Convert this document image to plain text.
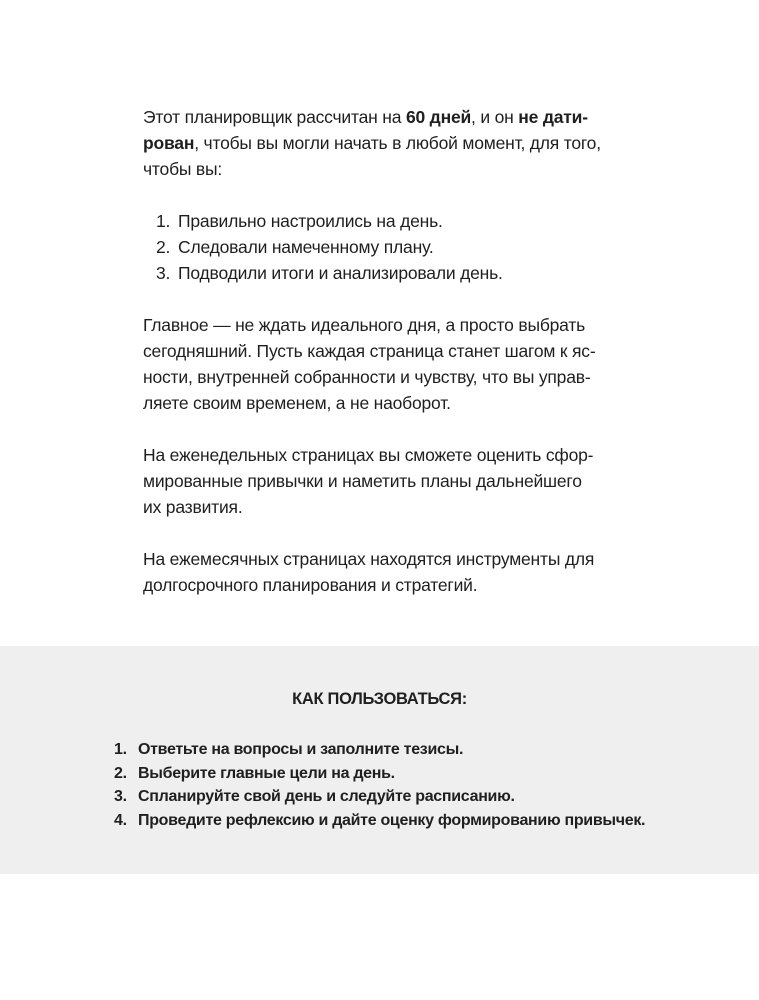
Этот планировщик рассчитан на 60 дней, и он не дати-
рован, чтобы вы могли начать в любой момент, для того,
чтобы вы:

1. Правильно настроились на день.
2. Следовали намеченному плану.
3. Подводили итоги и анализировали день.

Главное — не ждать идеального дня, а просто выбрать
сегодняшний. Пусть каждая страница станет шагом к яс-
ности, внутренней собранности и чувству, что вы управ-
ляете своим временем, а не наоборот.

На еженедельных страницах вы сможете оценить сфор-
мированные привычки и наметить планы дальнейшего
их развития.

На ежемесячных страницах находятся инструменты для
долгосрочного планирования и стратегий.

КАК ПОЛЬЗОВАТЬСЯ:
1. Ответьте на вопросы и заполните тезисы.
2. Выберите главные цели на день.
3. Спланируйте свой день и следуйте расписанию.
4. Проведите рефлексию и дайте оценку формированию привычек.
